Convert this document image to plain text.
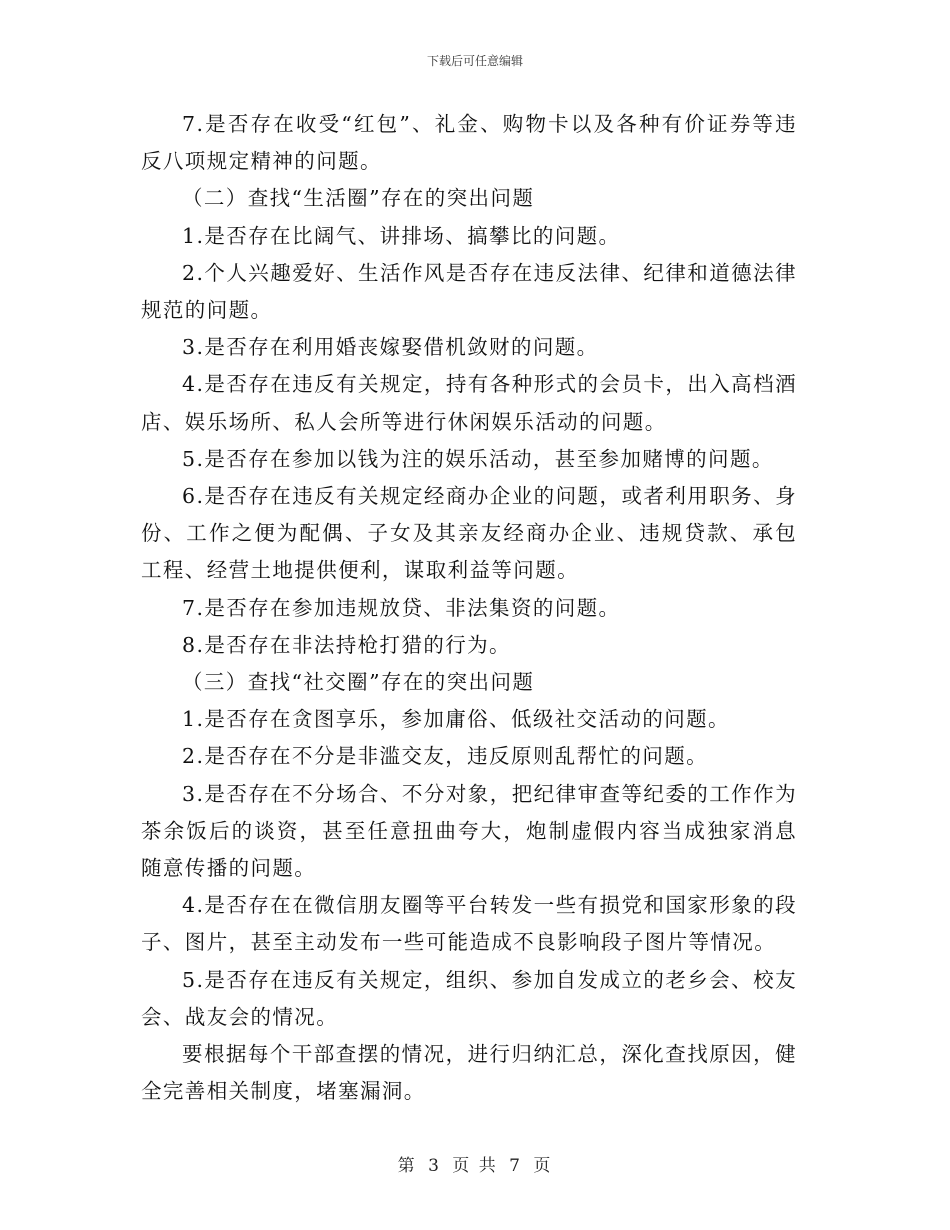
下载后可任意编辑

7.是否存在收受“红包”、礼金、购物卡以及各种有价证券等违反八项规定精神的问题。

（二）查找“生活圈”存在的突出问题

1.是否存在比阔气、讲排场、搞攀比的问题。

2.个人兴趣爱好、生活作风是否存在违反法律、纪律和道德法律规范的问题。

3.是否存在利用婚丧嫁娶借机敛财的问题。

4.是否存在违反有关规定，持有各种形式的会员卡，出入高档酒店、娱乐场所、私人会所等进行休闲娱乐活动的问题。

5.是否存在参加以钱为注的娱乐活动，甚至参加赌博的问题。

6.是否存在违反有关规定经商办企业的问题，或者利用职务、身份、工作之便为配偶、子女及其亲友经商办企业、违规贷款、承包工程、经营土地提供便利，谋取利益等问题。

7.是否存在参加违规放贷、非法集资的问题。

8.是否存在非法持枪打猎的行为。

（三）查找“社交圈”存在的突出问题

1.是否存在贪图享乐，参加庸俗、低级社交活动的问题。

2.是否存在不分是非滥交友，违反原则乱帮忙的问题。

3.是否存在不分场合、不分对象，把纪律审查等纪委的工作作为茶余饭后的谈资，甚至任意扭曲夸大，炮制虚假内容当成独家消息随意传播的问题。

4.是否存在在微信朋友圈等平台转发一些有损党和国家形象的段子、图片，甚至主动发布一些可能造成不良影响段子图片等情况。

5.是否存在违反有关规定，组织、参加自发成立的老乡会、校友会、战友会的情况。

要根据每个干部查摆的情况，进行归纳汇总，深化查找原因，健全完善相关制度，堵塞漏洞。

第 3 页 共 7 页
